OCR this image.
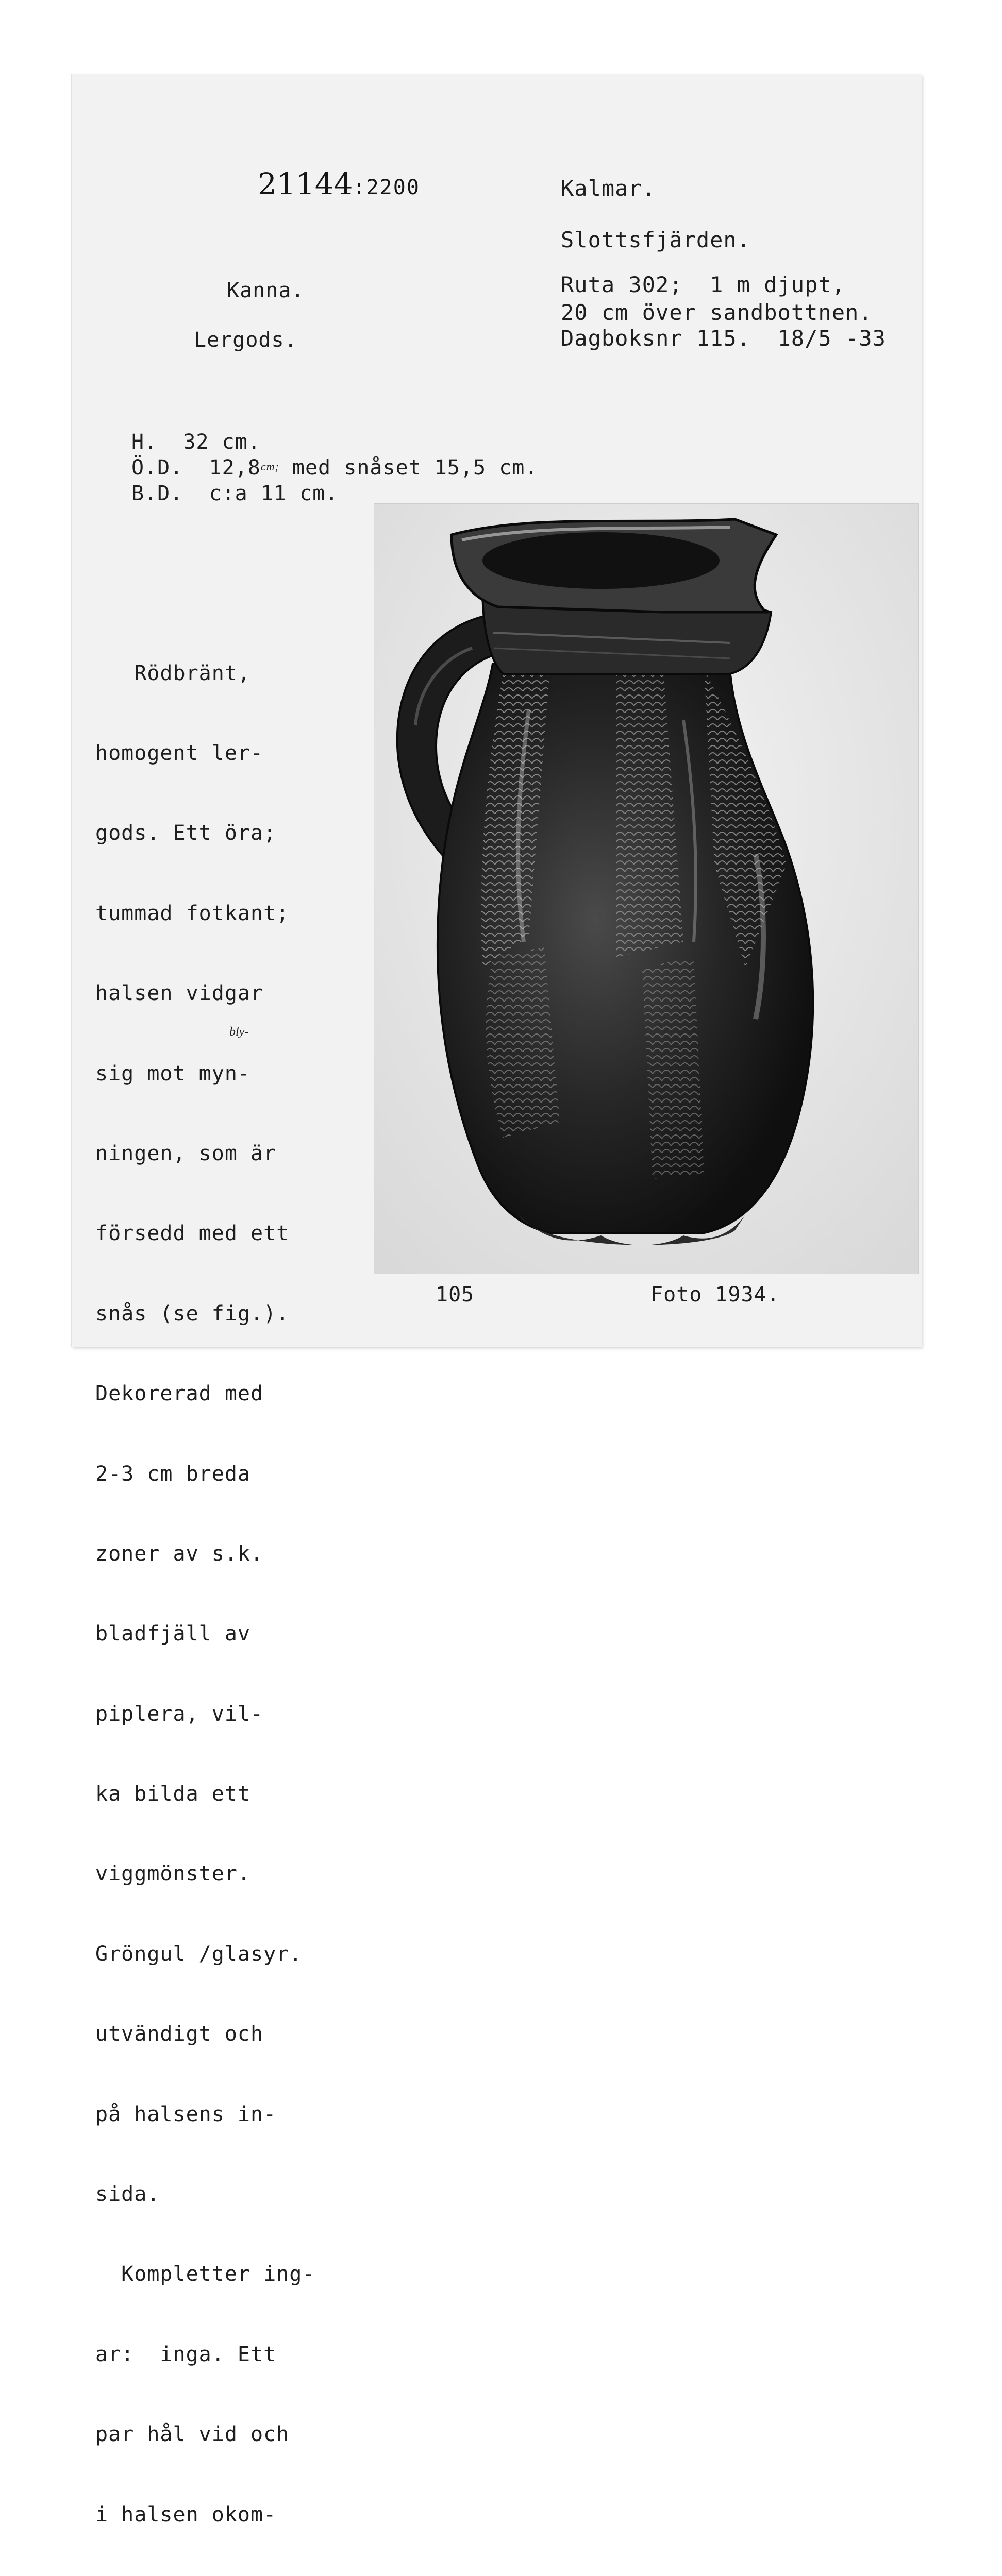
21144:2200	Kalmar.
Slottsfjärden.
Ruta 302;  1 m djupt,
20 cm över sandbottnen.
Dagboksnr 115.  18/5 -33
Kanna.
Lergods.
H.  32 cm.
Ö.D.  $12,8^{cm;}$ med snåset 15,5 cm.
B.D.  c:a 11 cm.

Rödbränt,

homogent ler-

gods. Ett öra;

tummad fotkant;

halsen vidgar

sig mot myn-

ningen, som är

försedd med ett

snås (se fig.).

Dekorerad med

2-3 cm breda

zoner av s.k.

bladfjäll av

piplera, vil-

ka bilda ett

viggmönster.

Gröngul /glasyr.

utvändigt och

på halsens in-

sida.

Kompletter ing-

ar:  inga. Ett

par hål vid och

i halsen okom-

bly-
105	Foto 1934.
